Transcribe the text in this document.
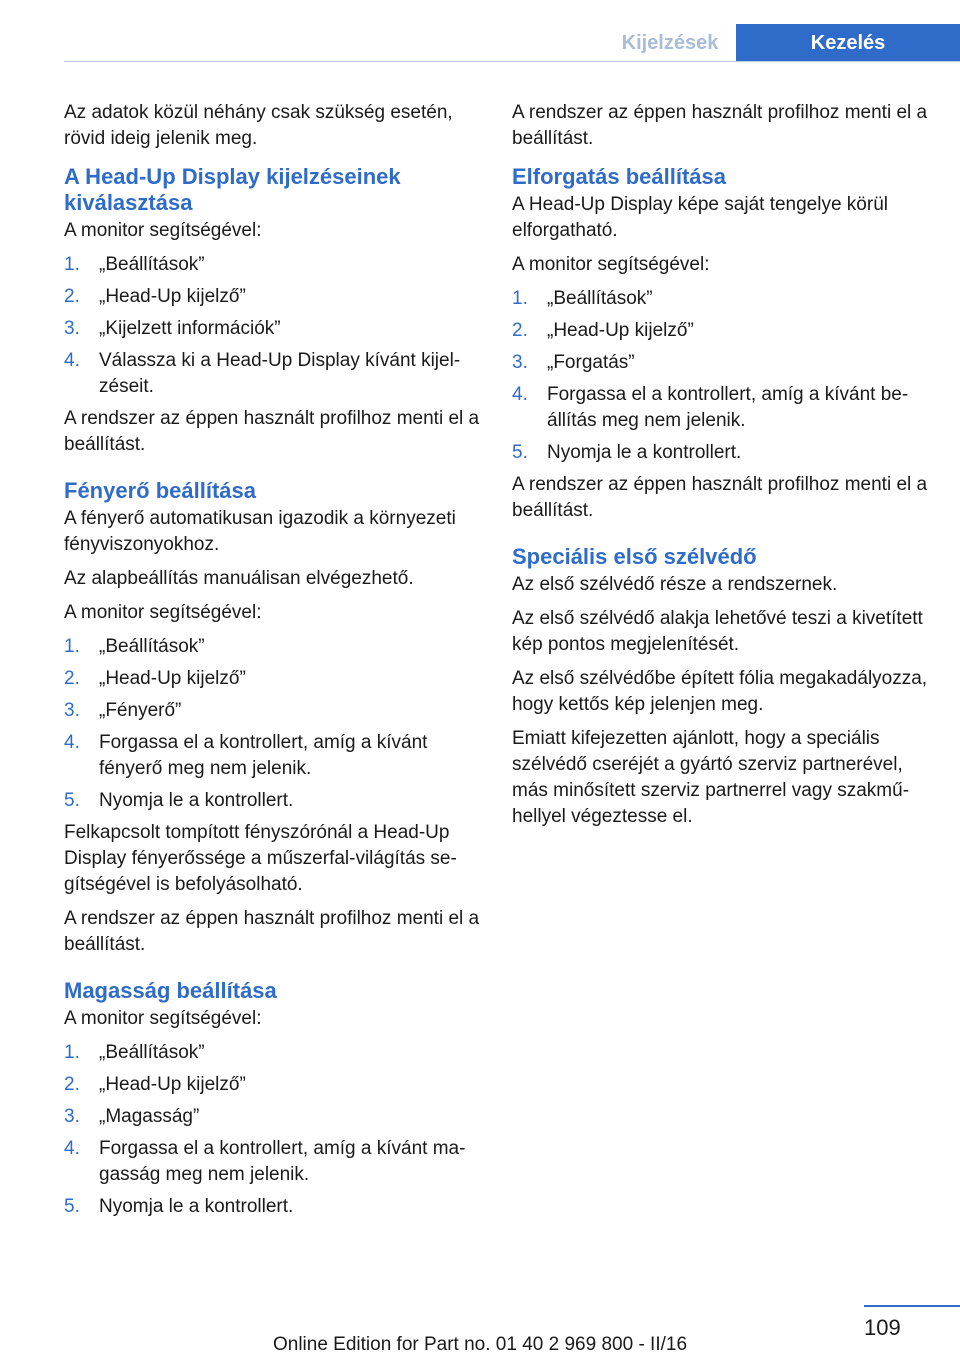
Kijelzések	Kezelés

Az adatok közül néhány csak szükség esetén, rövid ideig jelenik meg.

A Head-Up Display kijelzéseinek kiválasztása

A monitor segítségével:

1.	„Beállítások”
2.	„Head-Up kijelző”
3.	„Kijelzett információk”
4.	Válassza ki a Head-Up Display kívánt kijelzéseit.

A rendszer az éppen használt profilhoz menti el a beállítást.

Fényerő beállítása

A fényerő automatikusan igazodik a környezeti fényviszonyokhoz.

Az alapbeállítás manuálisan elvégezhető.

A monitor segítségével:

1.	„Beállítások”
2.	„Head-Up kijelző”
3.	„Fényerő”
4.	Forgassa el a kontrollert, amíg a kívánt fényerő meg nem jelenik.
5.	Nyomja le a kontrollert.

Felkapcsolt tompított fényszórónál a Head-Up Display fényerőssége a műszerfal-világítás segítségével is befolyásolható.

A rendszer az éppen használt profilhoz menti el a beállítást.

Magasság beállítása

A monitor segítségével:

1.	„Beállítások”
2.	„Head-Up kijelző”
3.	„Magasság”
4.	Forgassa el a kontrollert, amíg a kívánt magasság meg nem jelenik.
5.	Nyomja le a kontrollert.

A rendszer az éppen használt profilhoz menti el a beállítást.

Elforgatás beállítása

A Head-Up Display képe saját tengelye körül elforgatható.

A monitor segítségével:

1.	„Beállítások”
2.	„Head-Up kijelző”
3.	„Forgatás”
4.	Forgassa el a kontrollert, amíg a kívánt beállítás meg nem jelenik.
5.	Nyomja le a kontrollert.

A rendszer az éppen használt profilhoz menti el a beállítást.

Speciális első szélvédő

Az első szélvédő része a rendszernek.

Az első szélvédő alakja lehetővé teszi a kivetített kép pontos megjelenítését.

Az első szélvédőbe épített fólia megakadályozza, hogy kettős kép jelenjen meg.

Emiatt kifejezetten ajánlott, hogy a speciális szélvédő cseréjét a gyártó szerviz partnerével, más minősített szerviz partnerrel vagy szakműhellyel végeztesse el.

109
Online Edition for Part no. 01 40 2 969 800 - II/16
